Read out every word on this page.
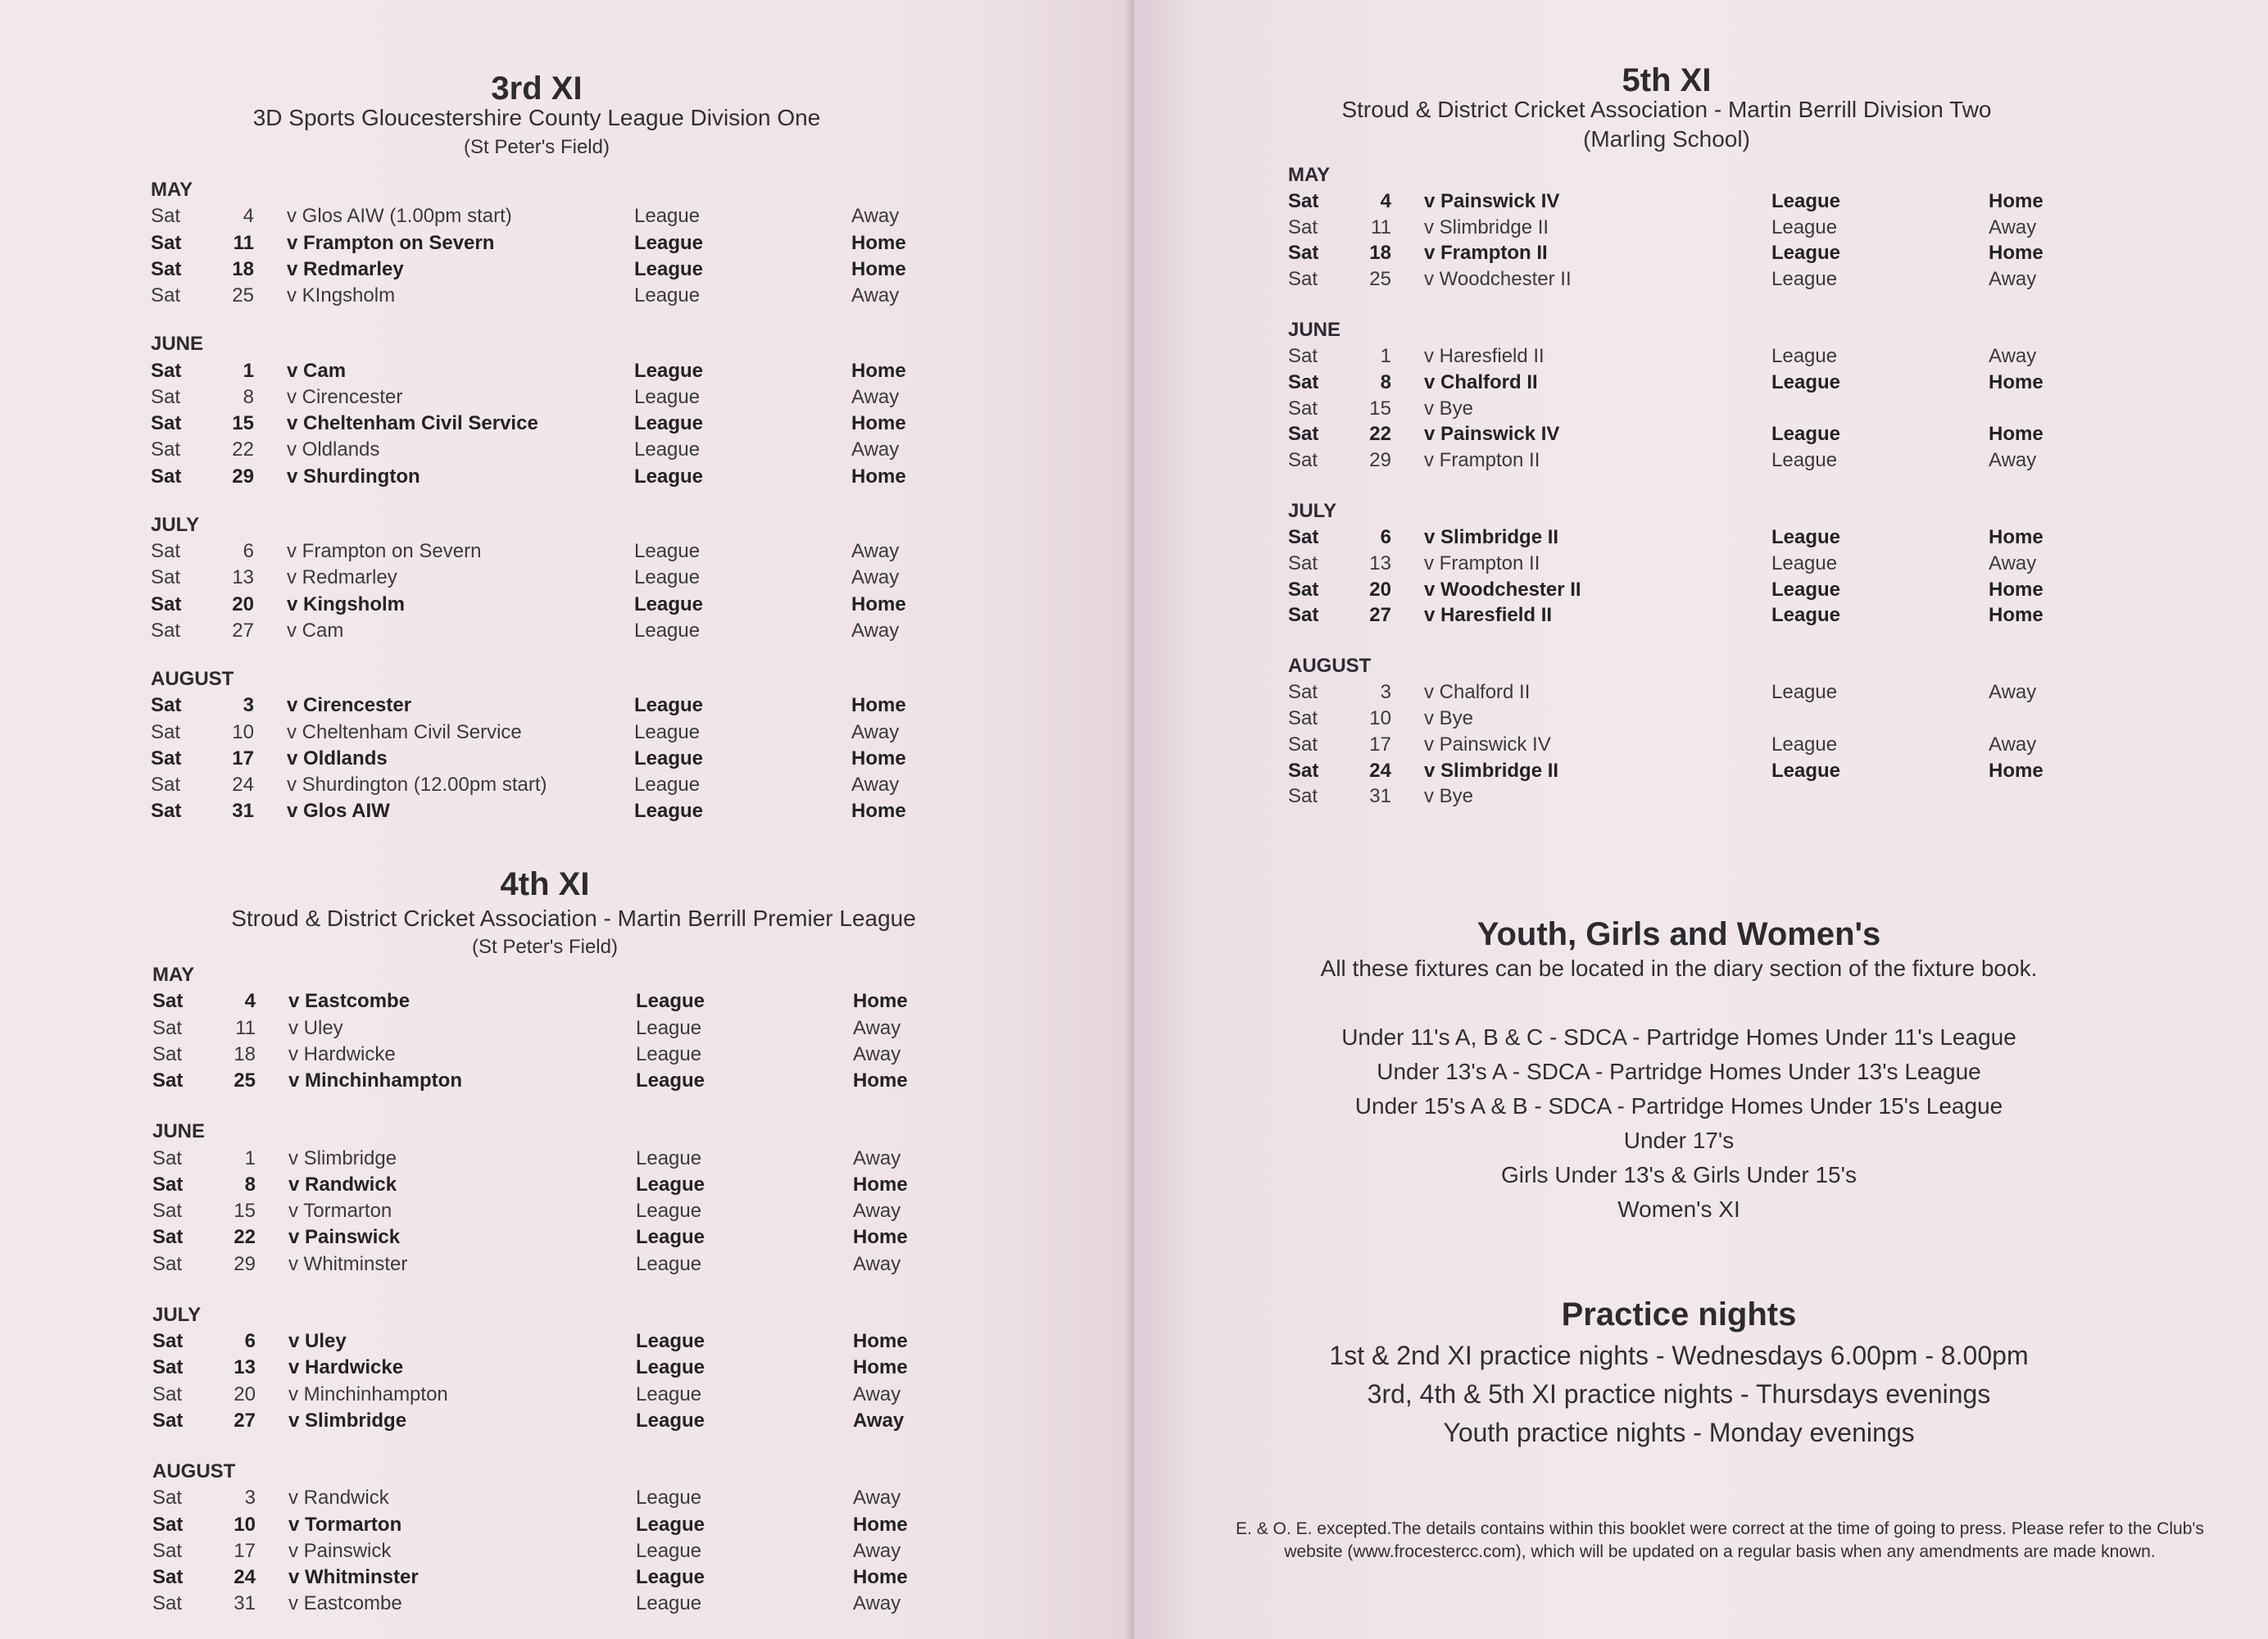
3rd XI
3D Sports Gloucestershire County League Division One
(St Peter's Field)
MAY
Sat	4 v Glos AIW (1.00pm start)	League	Away
Sat	11 v Frampton on Severn	League	Home
Sat	18 v Redmarley	League	Home
Sat	25 v KIngsholm	League	Away
JUNE
Sat	1 v Cam	League	Home
Sat	8 v Cirencester	League	Away
Sat	15 v Cheltenham Civil Service	League	Home
Sat	22 v Oldlands	League	Away
Sat	29 v Shurdington	League	Home
JULY
Sat	6 v Frampton on Severn	League	Away
Sat	13 v Redmarley	League	Away
Sat	20 v Kingsholm	League	Home
Sat	27 v Cam	League	Away
AUGUST
Sat	3 v Cirencester	League	Home
Sat	10 v Cheltenham Civil Service	League	Away
Sat	17 v Oldlands	League	Home
Sat	24 v Shurdington (12.00pm start)	League	Away
Sat	31 v Glos AIW	League	Home
4th XI
Stroud & District Cricket Association - Martin Berrill Premier League
(St Peter's Field)
MAY
Sat	4 v Eastcombe	League	Home
Sat	11 v Uley	League	Away
Sat	18 v Hardwicke	League	Away
Sat	25 v Minchinhampton	League	Home
JUNE
Sat	1 v Slimbridge	League	Away
Sat	8 v Randwick	League	Home
Sat	15 v Tormarton	League	Away
Sat	22 v Painswick	League	Home
Sat	29 v Whitminster	League	Away
JULY
Sat	6 v Uley	League	Home
Sat	13 v Hardwicke	League	Home
Sat	20 v Minchinhampton	League	Away
Sat	27 v Slimbridge	League	Away
AUGUST
Sat	3 v Randwick	League	Away
Sat	10 v Tormarton	League	Home
Sat	17 v Painswick	League	Away
Sat	24 v Whitminster	League	Home
Sat	31 v Eastcombe	League	Away
5th XI
Stroud & District Cricket Association - Martin Berrill Division Two
(Marling School)
MAY
Sat	4 v Painswick IV	League	Home
Sat	11 v Slimbridge II	League	Away
Sat	18 v Frampton II	League	Home
Sat	25 v Woodchester II	League	Away
JUNE
Sat	1 v Haresfield II	League	Away
Sat	8 v Chalford II	League	Home
Sat	15 v Bye
Sat	22 v Painswick IV	League	Home
Sat	29 v Frampton II	League	Away
JULY
Sat	6 v Slimbridge II	League	Home
Sat	13 v Frampton II	League	Away
Sat	20 v Woodchester II	League	Home
Sat	27 v Haresfield II	League	Home
AUGUST
Sat	3 v Chalford II	League	Away
Sat	10 v Bye
Sat	17 v Painswick IV	League	Away
Sat	24 v Slimbridge II	League	Home
Sat	31 v Bye
Youth, Girls and Women's
All these fixtures can be located in the diary section of the fixture book.
Under 11's A, B & C - SDCA - Partridge Homes Under 11's League
Under 13's A - SDCA - Partridge Homes Under 13's League
Under 15's A & B - SDCA - Partridge Homes Under 15's League
Under 17's
Girls Under 13's & Girls Under 15's
Women's XI
Practice nights
1st & 2nd XI practice nights - Wednesdays 6.00pm - 8.00pm
3rd, 4th & 5th XI practice nights - Thursdays evenings
Youth practice nights - Monday evenings
E. & O. E. excepted.The details contains within this booklet were correct at the time of going to press. Please refer to the Club's
website (www.frocestercc.com), which will be updated on a regular basis when any amendments are made known.
